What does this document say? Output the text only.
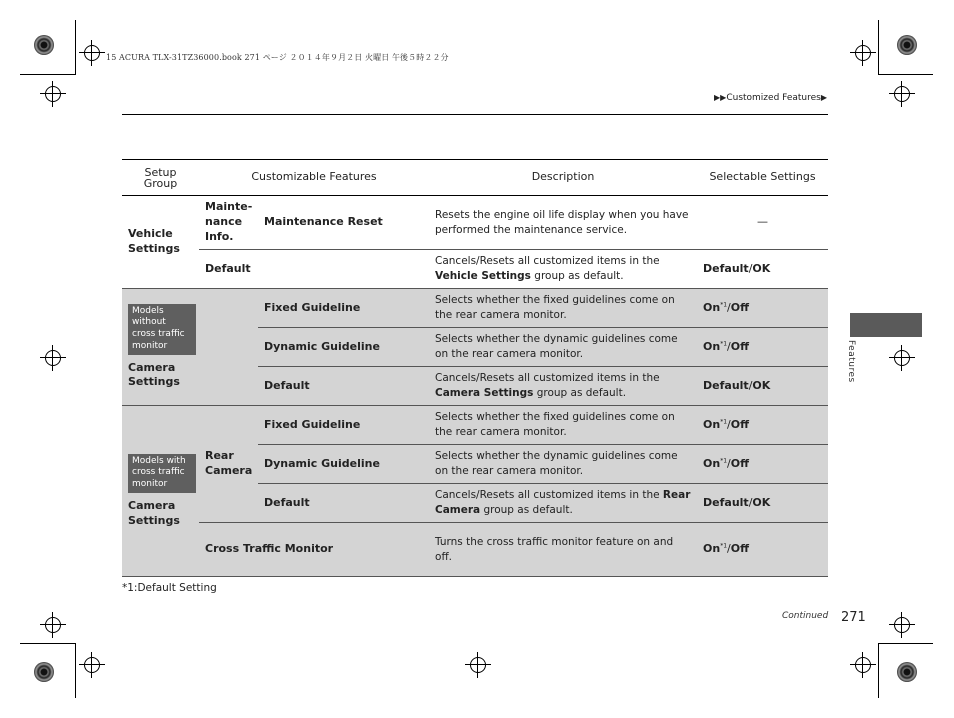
15 ACURA TLX-31TZ36000.book 271 ページ ２０１４年９月２日 火曜日 午後５時２２分
▶▶Customized Features▶
Setup Group	Customizable Features		Description	Selectable Settings
Vehicle Settings	Mainte-nance Info.	Maintenance Reset	Resets the engine oil life display when you have performed the maintenance service.	—
	Default		Cancels/Resets all customized items in the Vehicle Settings group as default.	Default/OK
Models without cross traffic monitor
Camera Settings		Fixed Guideline	Selects whether the fixed guidelines come on the rear camera monitor.	On$^{*1}$/Off
		Dynamic Guideline	Selects whether the dynamic guidelines come on the rear camera monitor.	On$^{*1}$/Off
		Default	Cancels/Resets all customized items in the Camera Settings group as default.	Default/OK
Models with cross traffic monitor
Camera Settings	Rear Camera	Fixed Guideline	Selects whether the fixed guidelines come on the rear camera monitor.	On$^{*1}$/Off
		Dynamic Guideline	Selects whether the dynamic guidelines come on the rear camera monitor.	On$^{*1}$/Off
		Default	Cancels/Resets all customized items in the Rear Camera group as default.	Default/OK
	Cross Traffic Monitor		Turns the cross traffic monitor feature on and off.	On$^{*1}$/Off
*1:Default Setting
Continued 271
Features
